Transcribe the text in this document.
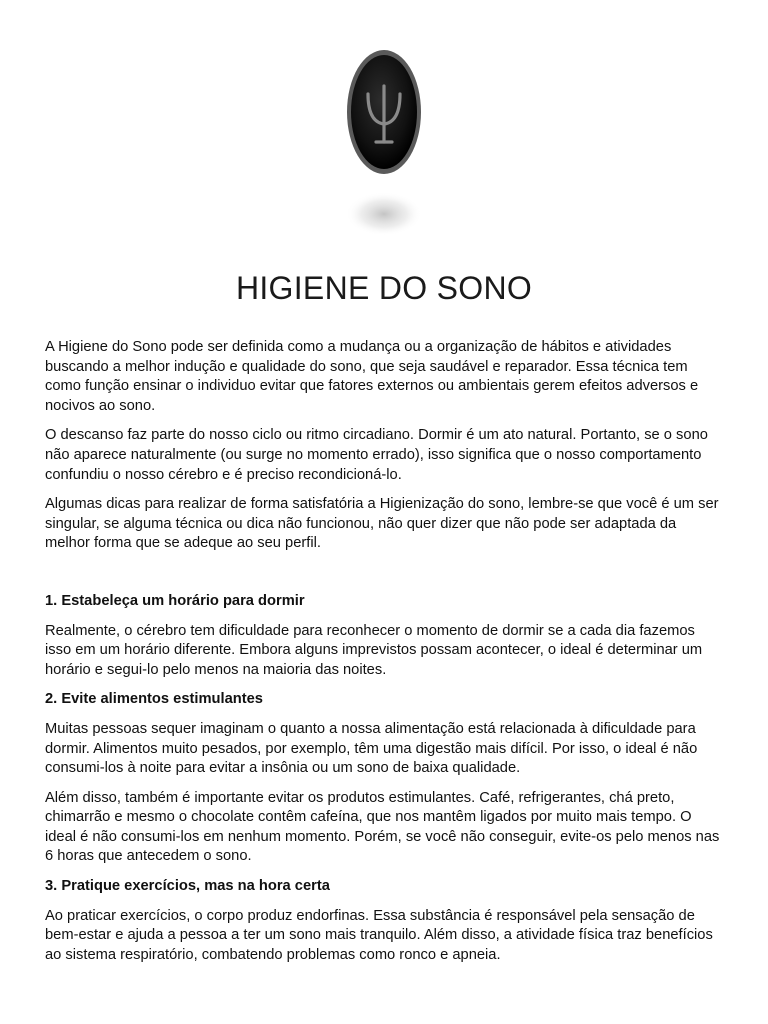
HIGIENE DO SONO

A Higiene do Sono pode ser definida como a mudança ou a organização de hábitos e atividades buscando a melhor indução e qualidade do sono, que seja saudável e reparador. Essa técnica tem como função ensinar o individuo evitar que fatores externos ou ambientais gerem efeitos adversos e nocivos ao sono.

O descanso faz parte do nosso ciclo ou ritmo circadiano. Dormir é um ato natural. Portanto, se o sono não aparece naturalmente (ou surge no momento errado), isso significa que o nosso comportamento confundiu o nosso cérebro e é preciso recondicioná-lo.

Algumas dicas para realizar de forma satisfatória a Higienização do sono, lembre-se que você é um ser singular, se alguma técnica ou dica não funcionou, não quer dizer que não pode ser adaptada da melhor forma que se adeque ao seu perfil.

1. Estabeleça um horário para dormir

Realmente, o cérebro tem dificuldade para reconhecer o momento de dormir se a cada dia fazemos isso em um horário diferente. Embora alguns imprevistos possam acontecer, o ideal é determinar um horário e segui-lo pelo menos na maioria das noites.

2. Evite alimentos estimulantes

Muitas pessoas sequer imaginam o quanto a nossa alimentação está relacionada à dificuldade para dormir. Alimentos muito pesados, por exemplo, têm uma digestão mais difícil. Por isso, o ideal é não consumi-los à noite para evitar a insônia ou um sono de baixa qualidade.

Além disso, também é importante evitar os produtos estimulantes. Café, refrigerantes, chá preto, chimarrão e mesmo o chocolate contêm cafeína, que nos mantêm ligados por muito mais tempo. O ideal é não consumi-los em nenhum momento. Porém, se você não conseguir, evite-os pelo menos nas 6 horas que antecedem o sono.

3. Pratique exercícios, mas na hora certa

Ao praticar exercícios, o corpo produz endorfinas. Essa substância é responsável pela sensação de bem-estar e ajuda a pessoa a ter um sono mais tranquilo. Além disso, a atividade física traz benefícios ao sistema respiratório, combatendo problemas como ronco e apneia.
